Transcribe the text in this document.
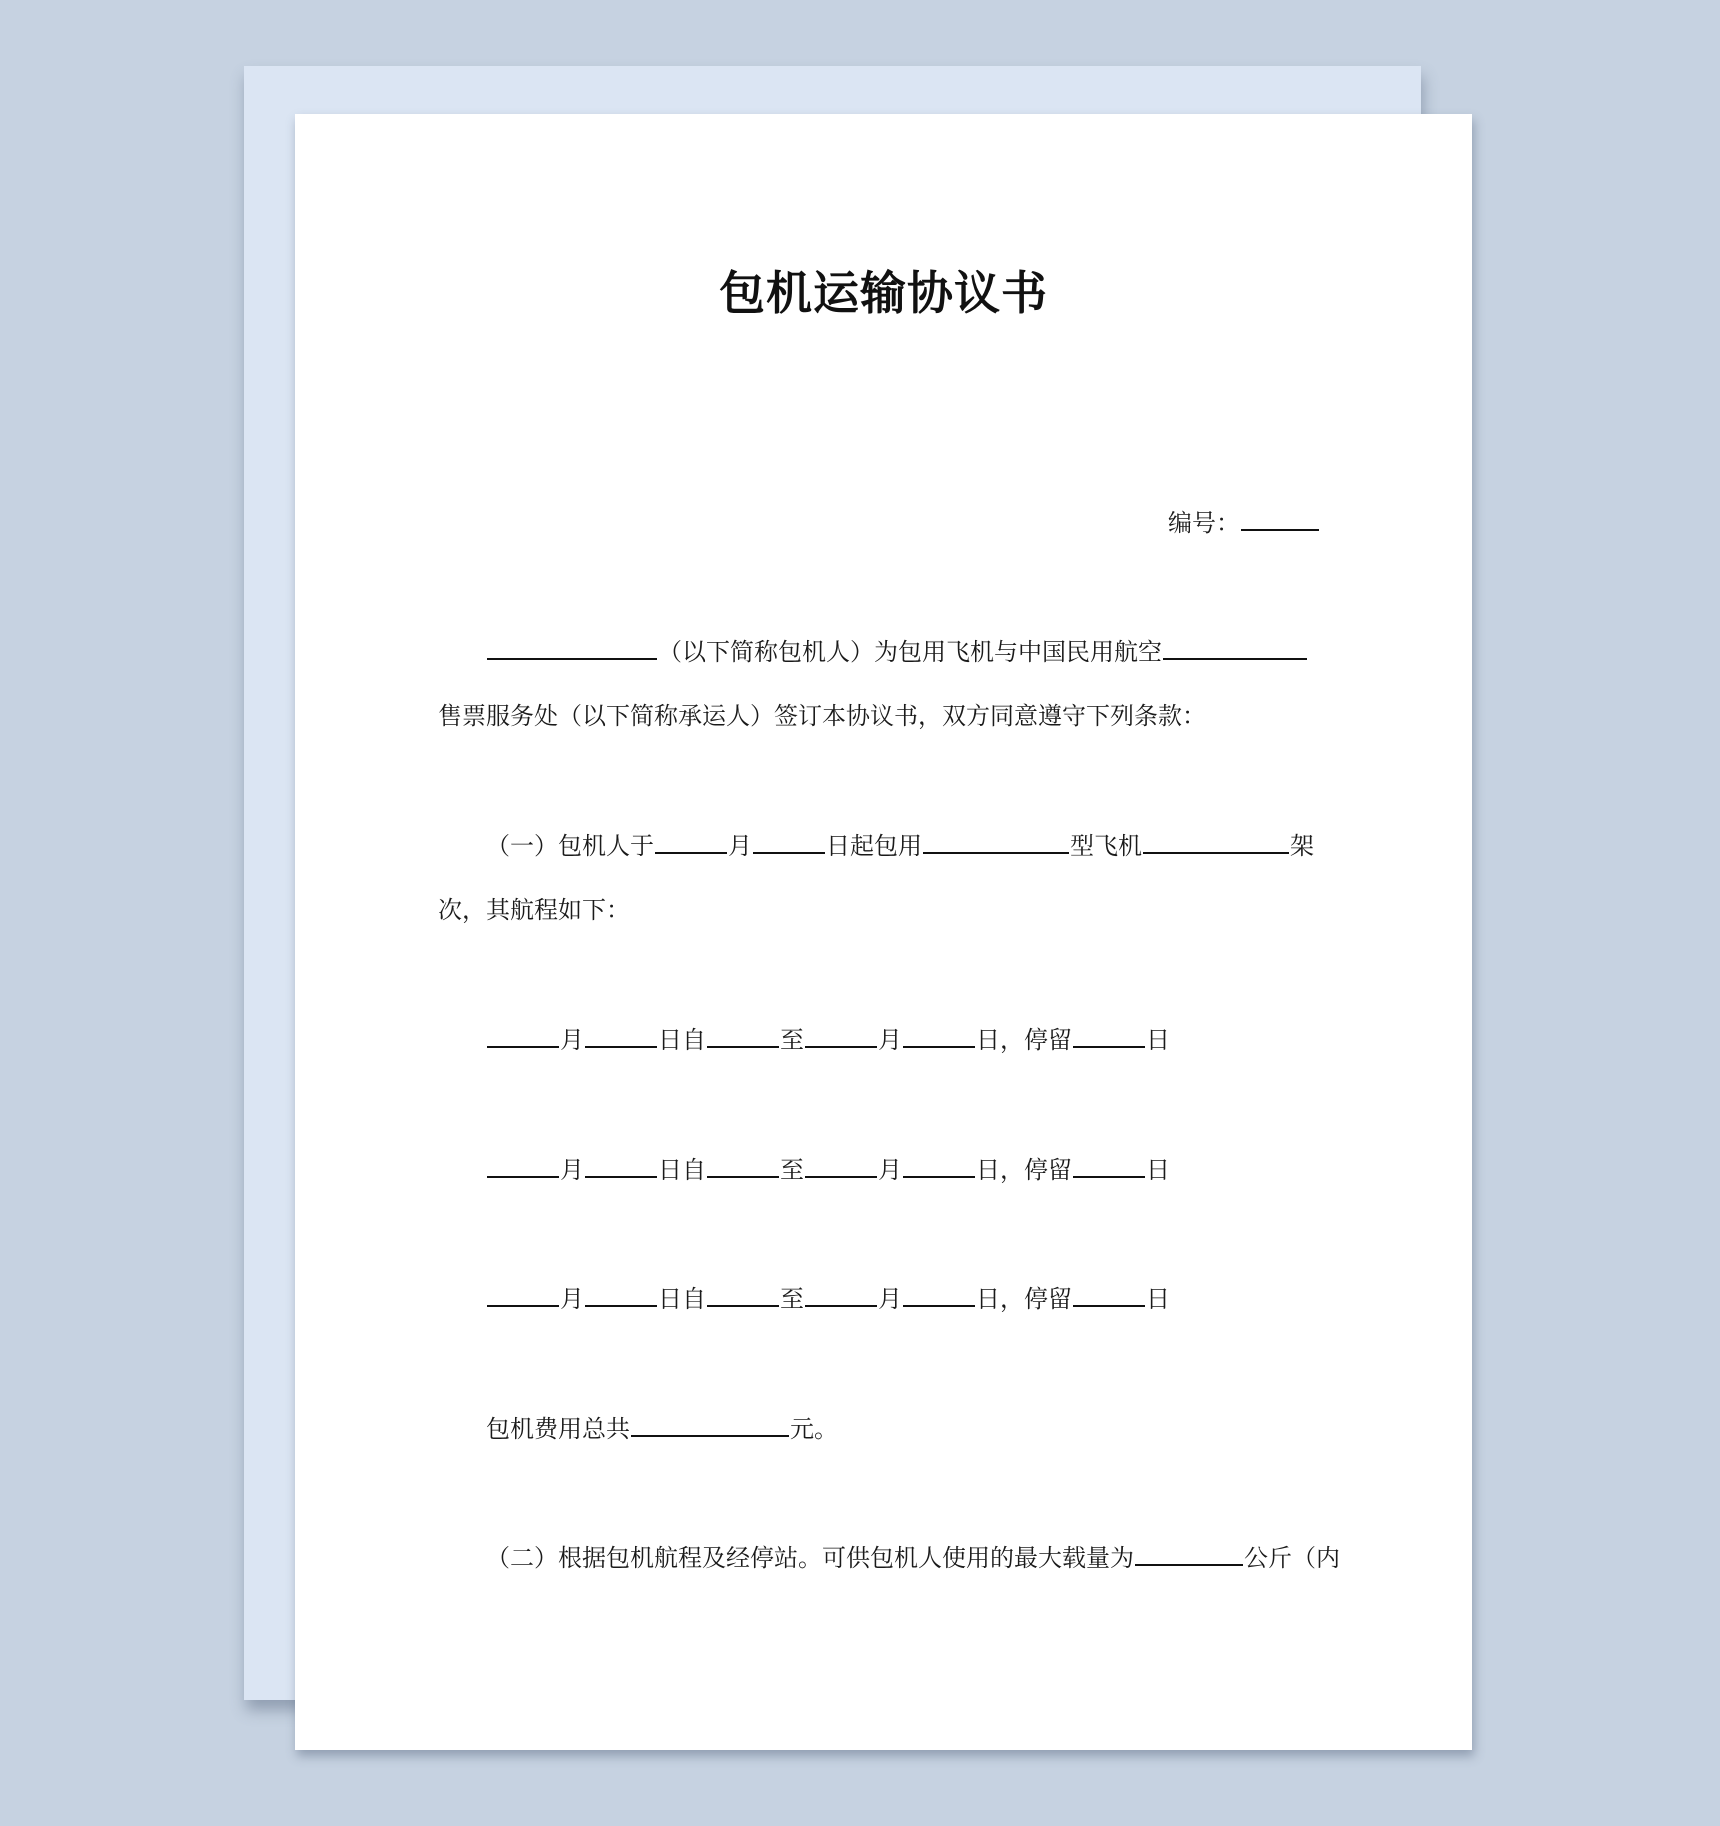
包机运输协议书
编号：
（以下简称包机人）为包用飞机与中国民用航空
售票服务处（以下简称承运人）签订本协议书，双方同意遵守下列条款：
（一）包机人于	月	日起包用	型飞机	架
次，其航程如下：
月	日自	至	月	日，停留	日
月	日自	至	月	日，停留	日
月	日自	至	月	日，停留	日
包机费用总共	元。
（二）根据包机航程及经停站。可供包机人使用的最大载量为	公斤（内
